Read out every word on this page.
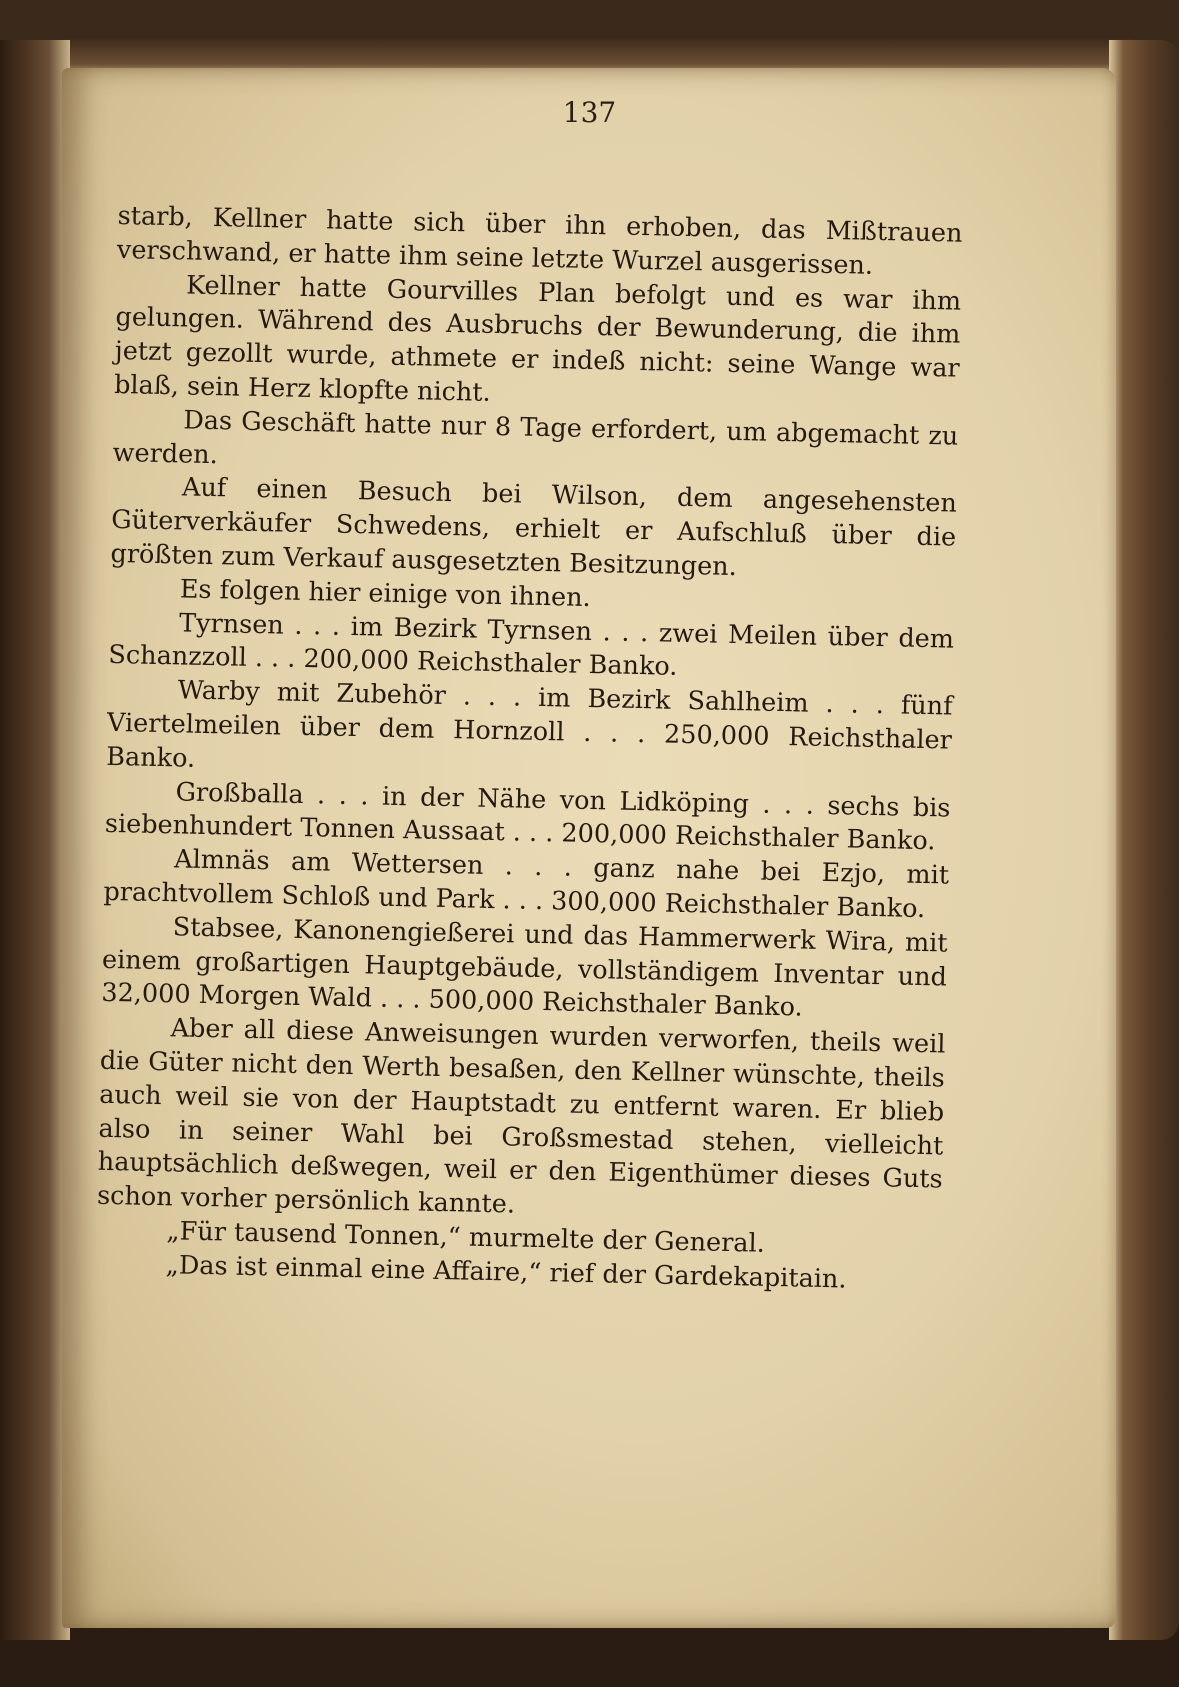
137

starb, Kellner hatte sich über ihn erhoben, das Mißtrauen verschwand, er hatte ihm seine letzte Wurzel ausgerissen.

Kellner hatte Gourvilles Plan befolgt und es war ihm gelungen. Während des Ausbruchs der Bewunderung, die ihm jetzt gezollt wurde, athmete er indeß nicht: seine Wange war blaß, sein Herz klopfte nicht.

Das Geschäft hatte nur 8 Tage erfordert, um abgemacht zu werden.

Auf einen Besuch bei Wilson, dem angesehensten Güterverkäufer Schwedens, erhielt er Aufschluß über die größten zum Verkauf ausgesetzten Besitzungen.

Es folgen hier einige von ihnen.

Tyrnsen . . . im Bezirk Tyrnsen . . . zwei Meilen über dem Schanzzoll . . . 200,000 Reichsthaler Banko.

Warby mit Zubehör . . . im Bezirk Sahlheim . . . fünf Viertelmeilen über dem Hornzoll . . . 250,000 Reichsthaler Banko.

Großballa . . . in der Nähe von Lidköping . . . sechs bis siebenhundert Tonnen Aussaat . . . 200,000 Reichsthaler Banko.

Almnäs am Wettersen . . . ganz nahe bei Ezjo, mit prachtvollem Schloß und Park . . . 300,000 Reichsthaler Banko.

Stabsee, Kanonengießerei und das Hammerwerk Wira, mit einem großartigen Hauptgebäude, vollständigem Inventar und 32,000 Morgen Wald . . . 500,000 Reichsthaler Banko.

Aber all diese Anweisungen wurden verworfen, theils weil die Güter nicht den Werth besaßen, den Kellner wünschte, theils auch weil sie von der Hauptstadt zu entfernt waren. Er blieb also in seiner Wahl bei Großsmestad stehen, vielleicht hauptsächlich deßwegen, weil er den Eigenthümer dieses Guts schon vorher persönlich kannte.

„Für tausend Tonnen,“ murmelte der General.

„Das ist einmal eine Affaire,“ rief der Gardekapitain.
